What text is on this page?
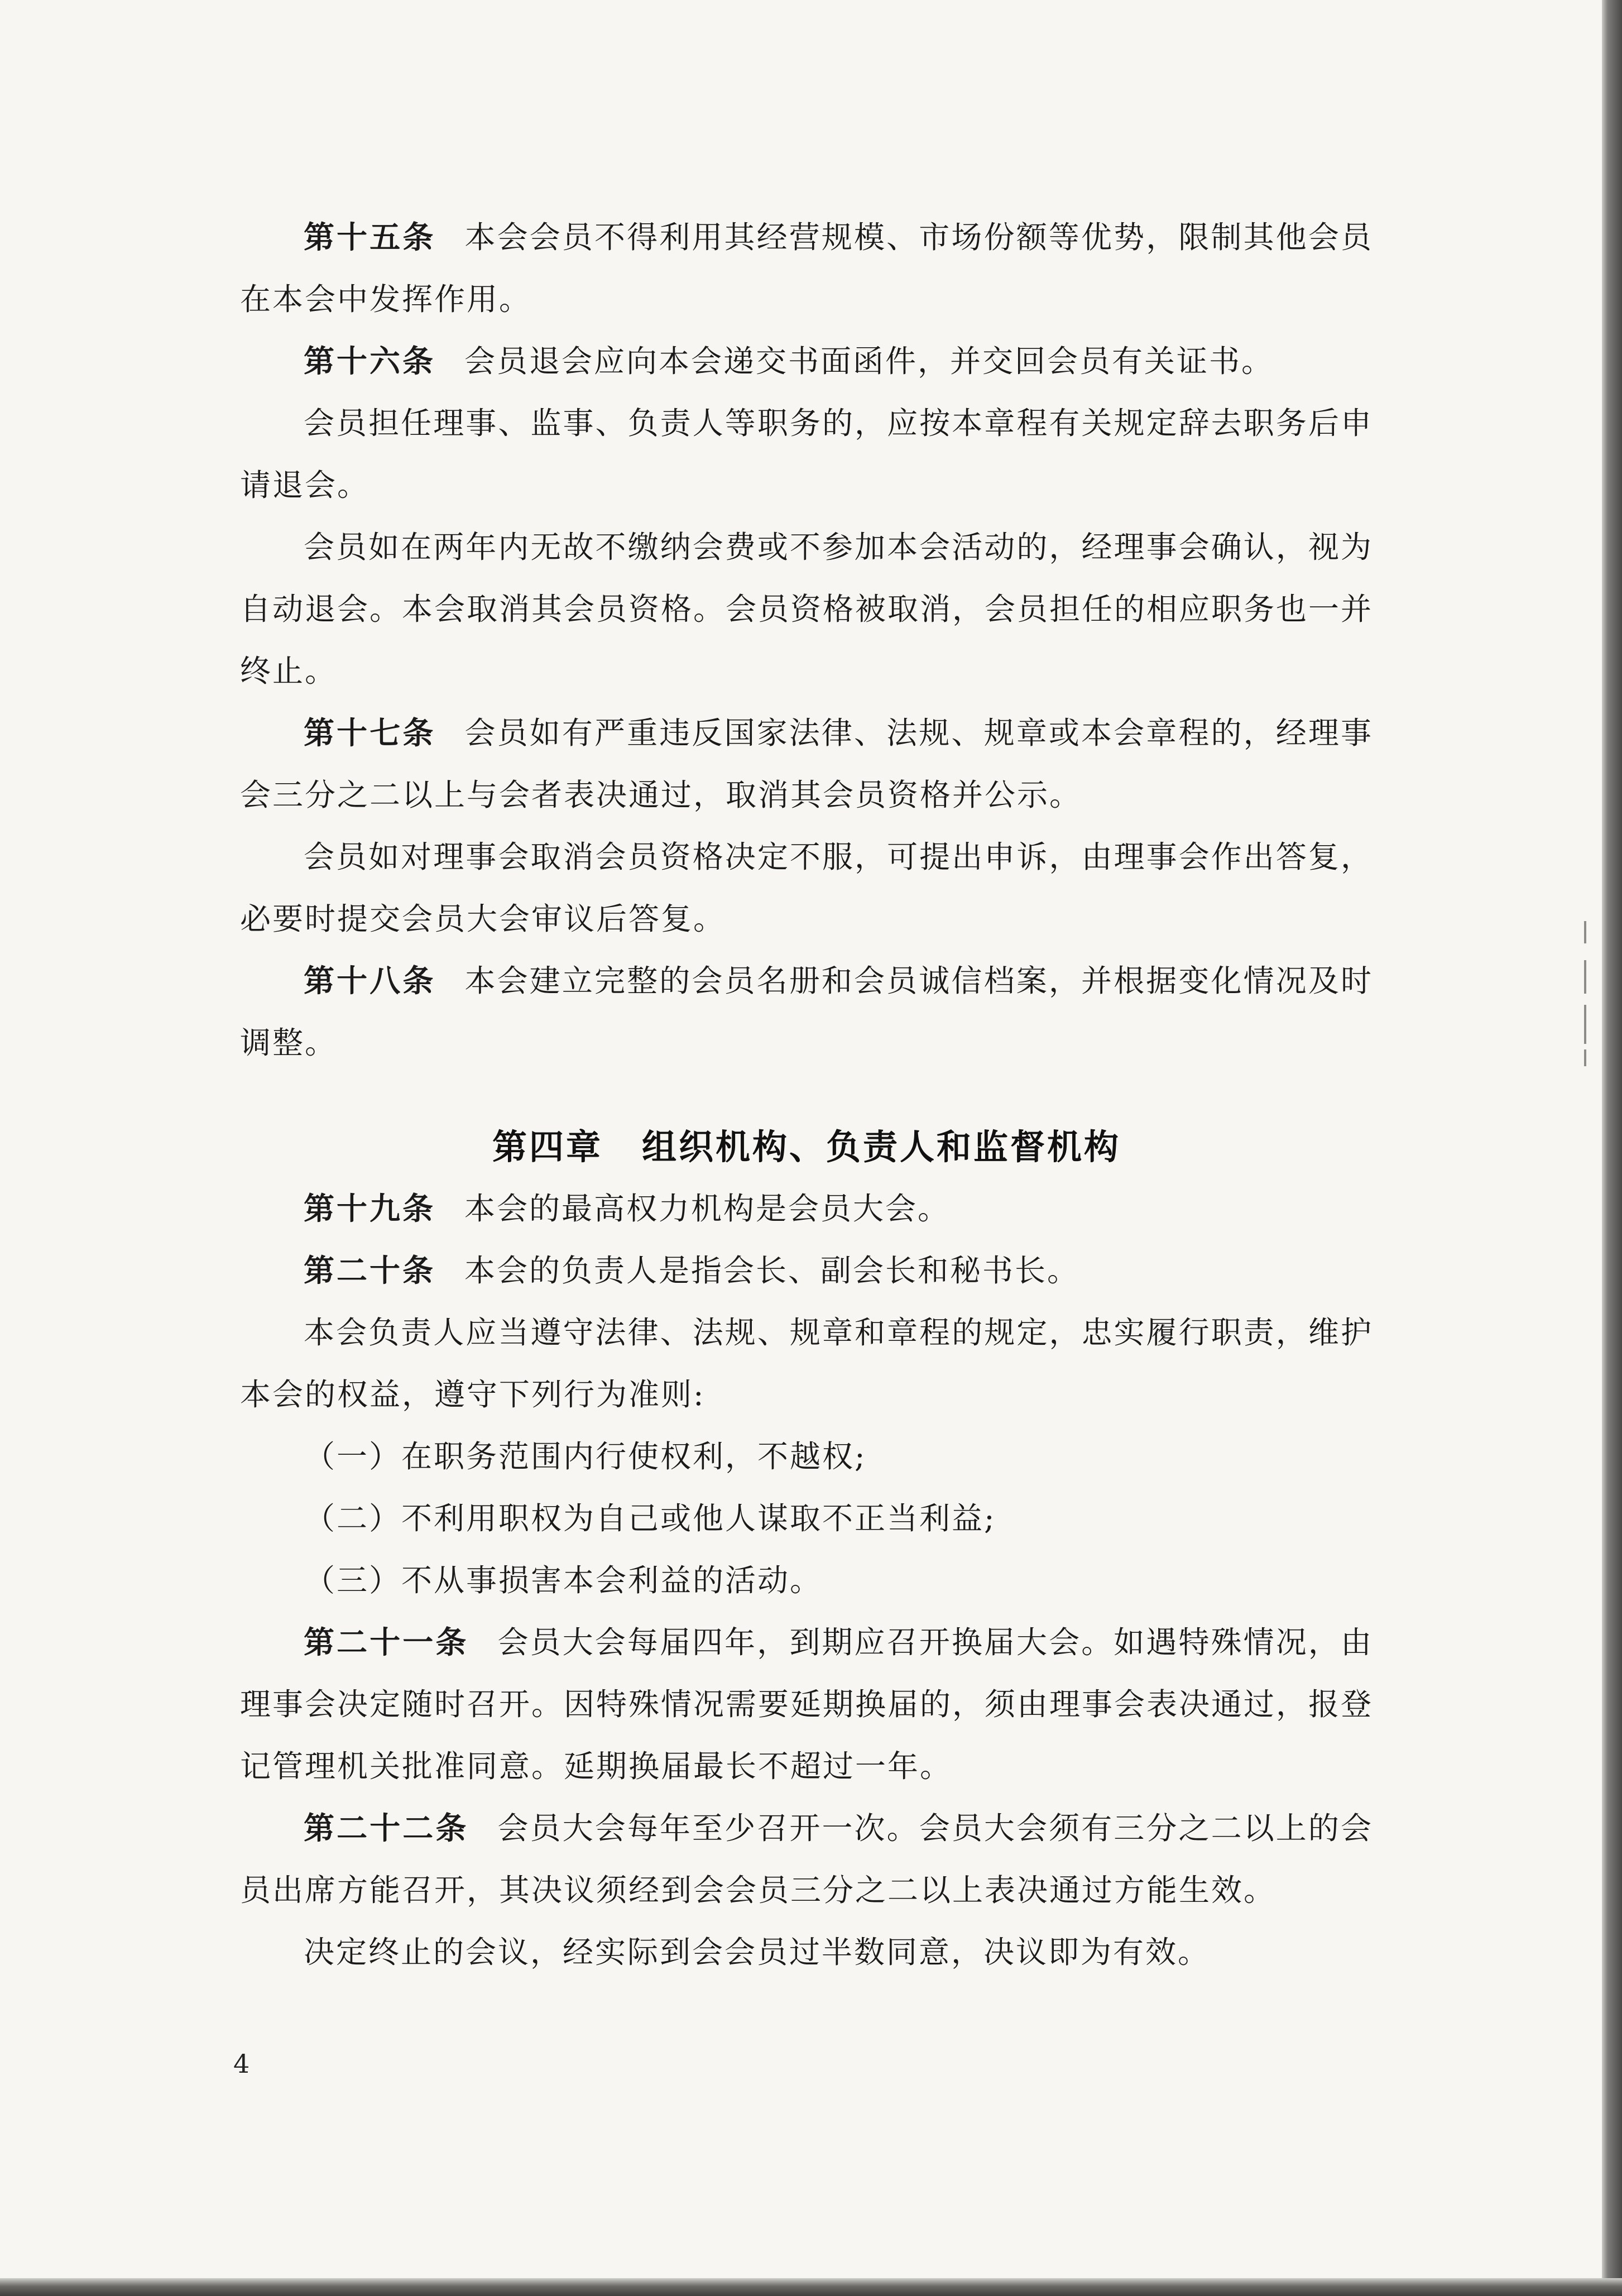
第十五条 本会会员不得利用其经营规模、市场份额等优势，限制其他会员在本会中发挥作用。

第十六条 会员退会应向本会递交书面函件，并交回会员有关证书。

会员担任理事、监事、负责人等职务的，应按本章程有关规定辞去职务后申请退会。

会员如在两年内无故不缴纳会费或不参加本会活动的，经理事会确认，视为自动退会。本会取消其会员资格。会员资格被取消，会员担任的相应职务也一并终止。

第十七条 会员如有严重违反国家法律、法规、规章或本会章程的，经理事会三分之二以上与会者表决通过，取消其会员资格并公示。

会员如对理事会取消会员资格决定不服，可提出申诉，由理事会作出答复，必要时提交会员大会审议后答复。

第十八条 本会建立完整的会员名册和会员诚信档案，并根据变化情况及时调整。

第四章 组织机构、负责人和监督机构

第十九条 本会的最高权力机构是会员大会。

第二十条 本会的负责人是指会长、副会长和秘书长。

本会负责人应当遵守法律、法规、规章和章程的规定，忠实履行职责，维护本会的权益，遵守下列行为准则:

（一）在职务范围内行使权利，不越权;

（二）不利用职权为自己或他人谋取不正当利益;

（三）不从事损害本会利益的活动。

第二十一条 会员大会每届四年，到期应召开换届大会。如遇特殊情况，由理事会决定随时召开。因特殊情况需要延期换届的，须由理事会表决通过，报登记管理机关批准同意。延期换届最长不超过一年。

第二十二条 会员大会每年至少召开一次。会员大会须有三分之二以上的会员出席方能召开，其决议须经到会会员三分之二以上表决通过方能生效。

决定终止的会议，经实际到会会员过半数同意，决议即为有效。

4
